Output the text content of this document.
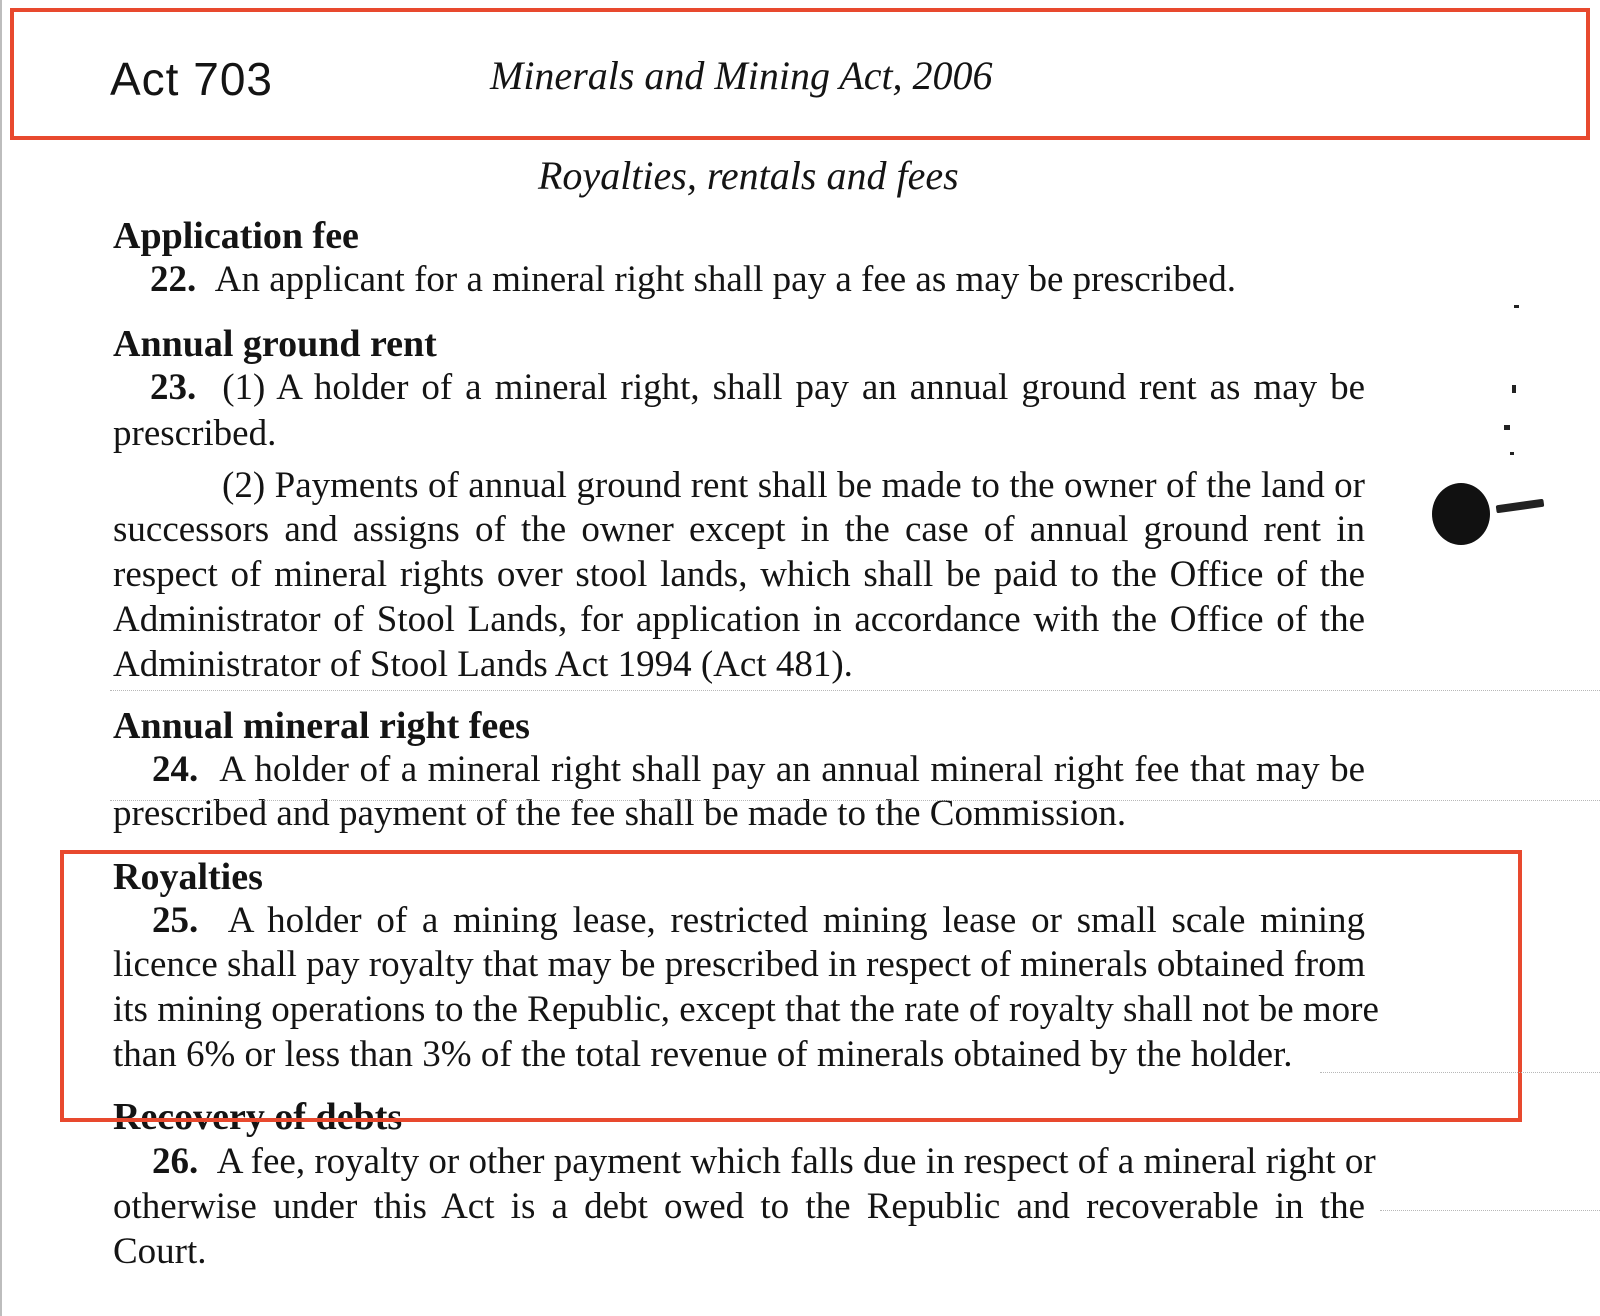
Act 703	Minerals and Mining Act, 2006
Royalties, rentals and fees
Application fee
22. An applicant for a mineral right shall pay a fee as may be prescribed.
Annual ground rent
23. (1) A holder of a mineral right, shall pay an annual ground rent as may be
prescribed.
(2) Payments of annual ground rent shall be made to the owner of the land or
successors and assigns of the owner except in the case of annual ground rent in
respect of mineral rights over stool lands, which shall be paid to the Office of the
Administrator of Stool Lands, for application in accordance with the Office of the
Administrator of Stool Lands Act 1994 (Act 481).
Annual mineral right fees
24. A holder of a mineral right shall pay an annual mineral right fee that may be
prescribed and payment of the fee shall be made to the Commission.
Royalties
25. A holder of a mining lease, restricted mining lease or small scale mining
licence shall pay royalty that may be prescribed in respect of minerals obtained from
its mining operations to the Republic, except that the rate of royalty shall not be more
than 6% or less than 3% of the total revenue of minerals obtained by the holder.
Recovery of debts
26. A fee, royalty or other payment which falls due in respect of a mineral right or
otherwise under this Act is a debt owed to the Republic and recoverable in the
Court.
